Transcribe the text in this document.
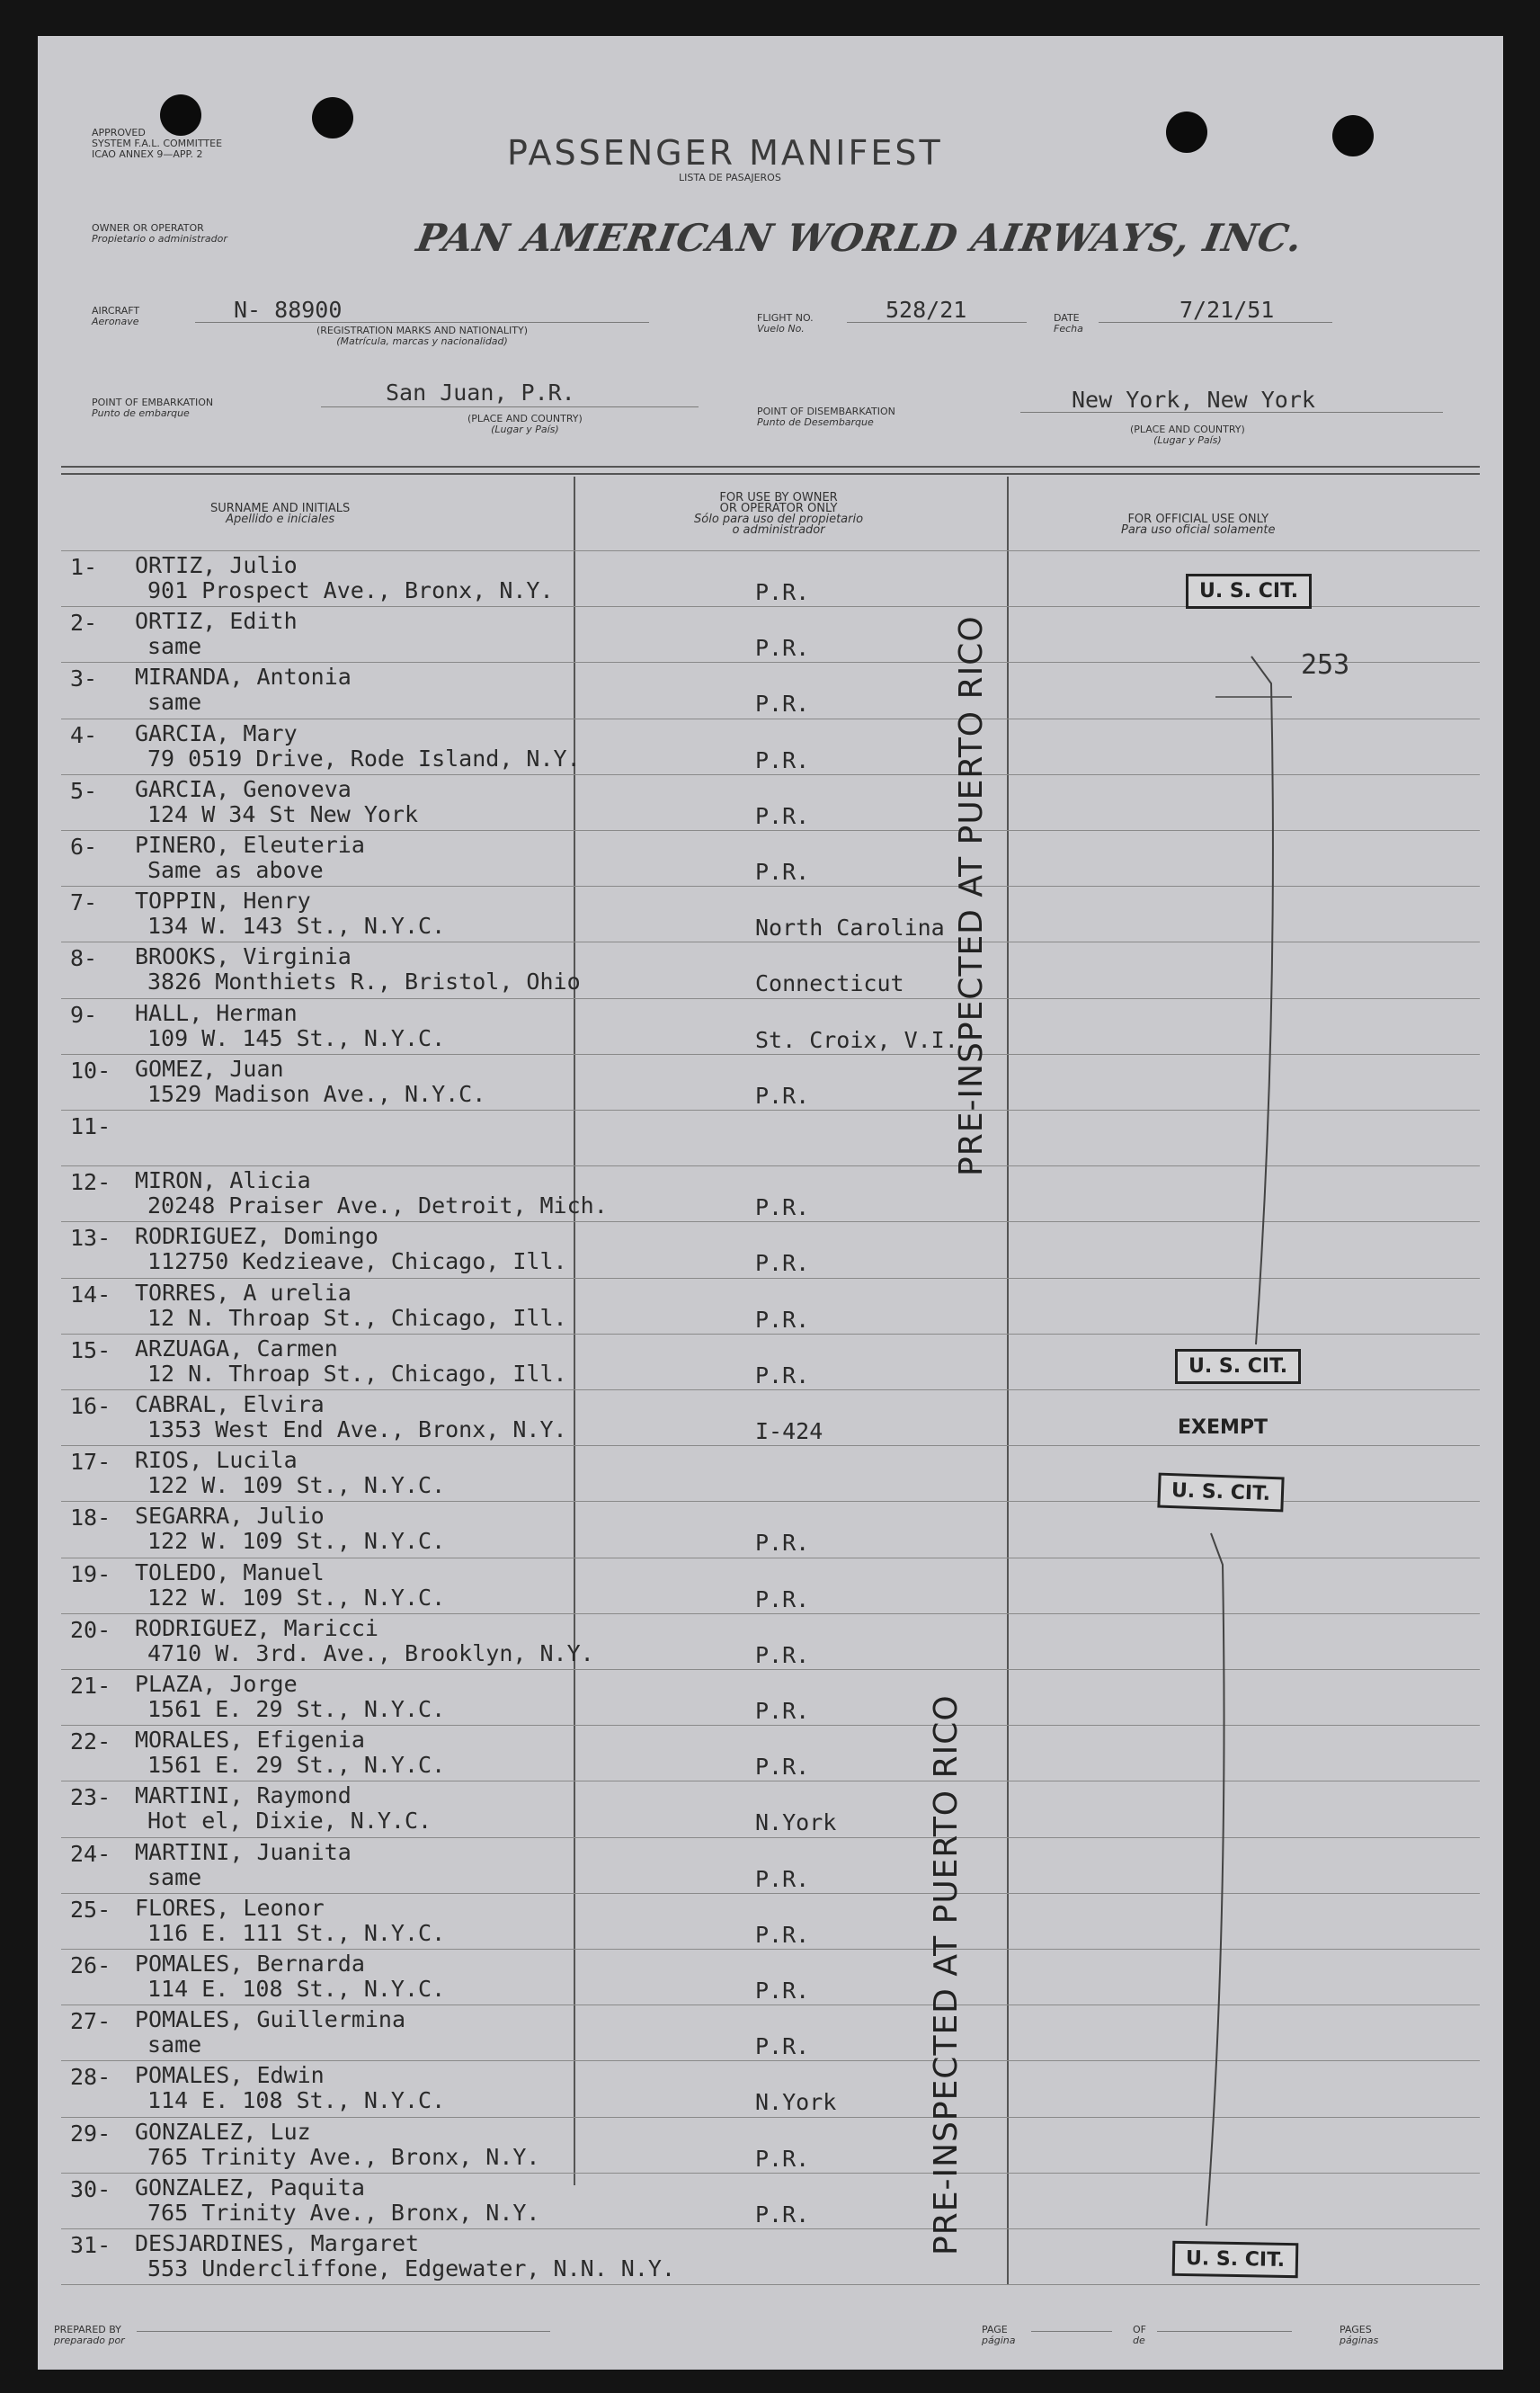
APPROVED
SYSTEM F.A.L. COMMITTEE
ICAO ANNEX 9—APP. 2	PASSENGER MANIFEST
LISTA DE PASAJEROS
OWNER OR OPERATOR
Propietario o administrador	PAN AMERICAN WORLD AIRWAYS, INC.
AIRCRAFT
Aeronave	N- 88900
(REGISTRATION MARKS AND NATIONALITY)
(Matrícula, marcas y nacionalidad)
FLIGHT NO.
Vuelo No.
528/21	DATE
Fecha
7/21/51
POINT OF EMBARKATION
Punto de embarque
San Juan, P.R.
(PLACE AND COUNTRY)
(Lugar y País)
POINT OF DISEMBARKATION
Punto de Desembarque
New York, New York
(PLACE AND COUNTRY)
(Lugar y País)
SURNAME AND INITIALS
Apellido e iniciales
FOR USE BY OWNER
OR OPERATOR ONLY
Sólo para uso del propietario
o administrador
FOR OFFICIAL USE ONLY
Para uso oficial solamente
1- ORTIZ, Julio
901 Prospect Ave., Bronx, N.Y.	P.R.
2- ORTIZ, Edith
same	P.R.
3- MIRANDA, Antonia
same	P.R.
4- GARCIA, Mary
79 0519 Drive, Rode Island, N.Y.	P.R.
5- GARCIA, Genoveva
124 W 34 St New York	P.R.
6- PINERO, Eleuteria
Same as above	P.R.
7- TOPPIN, Henry
134 W. 143 St., N.Y.C.	North Carolina
8- BROOKS, Virginia
3826 Monthiets R., Bristol, Ohio	Connecticut
9- HALL, Herman
109 W. 145 St., N.Y.C.	St. Croix, V.I.
10- GOMEZ, Juan
1529 Madison Ave., N.Y.C.	P.R.
11-
12- MIRON, Alicia
20248 Praiser Ave., Detroit, Mich.	P.R.
13- RODRIGUEZ, Domingo
112750 Kedzieave, Chicago, Ill.	P.R.
14- TORRES, A urelia
12 N. Throap St., Chicago, Ill.	P.R.
15- ARZUAGA, Carmen
12 N. Throap St., Chicago, Ill.	P.R.
16- CABRAL, Elvira
1353 West End Ave., Bronx, N.Y.	I-424
17- RIOS, Lucila
122 W. 109 St., N.Y.C.
18- SEGARRA, Julio
122 W. 109 St., N.Y.C.	P.R.
19- TOLEDO, Manuel
122 W. 109 St., N.Y.C.	P.R.
20- RODRIGUEZ, Maricci
4710 W. 3rd. Ave., Brooklyn, N.Y.	P.R.
21- PLAZA, Jorge
1561 E. 29 St., N.Y.C.	P.R.
22- MORALES, Efigenia
1561 E. 29 St., N.Y.C.	P.R.
23- MARTINI, Raymond
Hot el, Dixie, N.Y.C.	N.York
24- MARTINI, Juanita
same	P.R.
25- FLORES, Leonor
116 E. 111 St., N.Y.C.	P.R.
26- POMALES, Bernarda
114 E. 108 St., N.Y.C.	P.R.
27- POMALES, Guillermina
same	P.R.
28- POMALES, Edwin
114 E. 108 St., N.Y.C.	N.York
29- GONZALEZ, Luz
765 Trinity Ave., Bronx, N.Y.	P.R.
30- GONZALEZ, Paquita
765 Trinity Ave., Bronx, N.Y.	P.R.
31- DESJARDINES, Margaret
553 Undercliffone, Edgewater, N.N. N.Y.
U. S. CIT.
U. S. CIT.
EXEMPT
U. S. CIT.
U. S. CIT.
253
PRE-INSPECTED AT PUERTO RICO
PRE-INSPECTED AT PUERTO RICO
PREPARED BY
preparado por
PAGE
página
OF
de
PAGES
páginas
